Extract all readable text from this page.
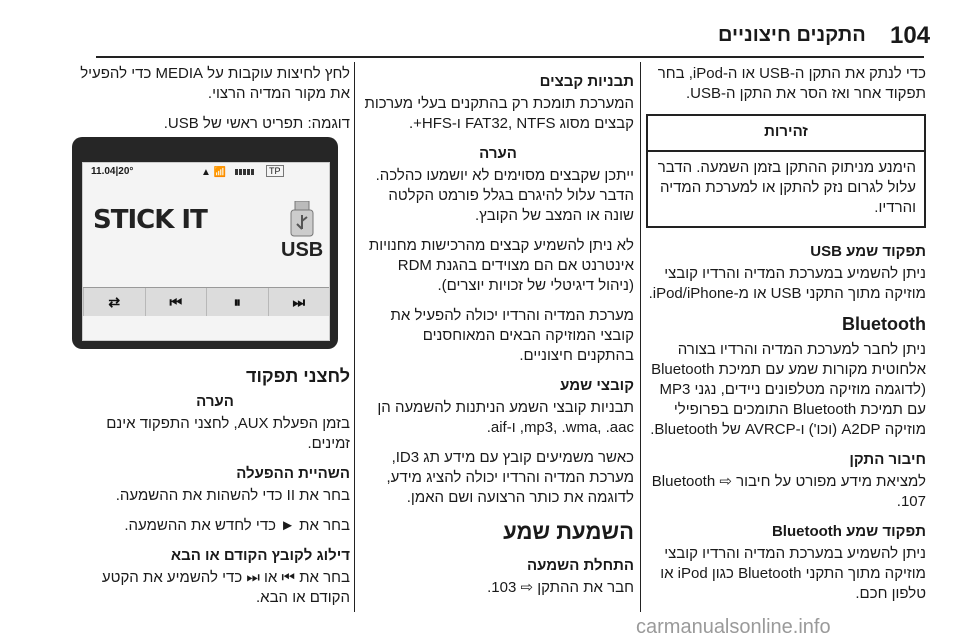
104
התקנים חיצוניים

כדי לנתק את התקן ה-USB או ה-iPod, בחר תפקוד אחר ואז הסר את התקן ה-USB.

זהירות
הימנע מניתוק ההתקן בזמן השמעה. הדבר עלול לגרום נזק להתקן או למערכת המדיה והרדיו.
תפקוד שמע USB

ניתן להשמיע במערכת המדיה והרדיו קובצי מוזיקה מתוך התקני USB או מ-iPod/iPhone.

Bluetooth

ניתן לחבר למערכת המדיה והרדיו בצורה אלחוטית מקורות שמע עם תמיכת Bluetooth (לדוגמה מוזיקה מטלפונים ניידים, נגני MP3 עם תמיכת Bluetooth התומכים בפרופילי מוזיקה A2DP (וכו') ו-AVRCP של Bluetooth.

חיבור התקן

למציאת מידע מפורט על חיבור Bluetooth ⇨ 107.

תפקוד שמע Bluetooth

ניתן להשמיע במערכת המדיה והרדיו קובצי מוזיקה מתוך התקני Bluetooth כגון iPod או טלפון חכם.

תבניות קבצים

המערכת תומכת רק בהתקנים בעלי מערכות קבצים מסוג FAT32, NTFS ו-HFS+.

הערה

ייתכן שקבצים מסוימים לא יושמעו כהלכה. הדבר עלול להיגרם בגלל פורמט הקלטה שונה או המצב של הקובץ.

לא ניתן להשמיע קבצים מהרכישות מחנויות אינטרנט אם הם מצוידים בהגנת RDM (ניהול דיגיטלי של זכויות יוצרים).

מערכת המדיה והרדיו יכולה להפעיל את קובצי המוזיקה הבאים המאוחסנים בהתקנים חיצוניים.

קובצי שמע

תבניות קובצי השמע הניתנות להשמעה הן mp3, .wma, .aac, ו-aif.

כאשר משמיעים קובץ עם מידע תג ID3, מערכת המדיה והרדיו יכולה להציג מידע, לדוגמה את כותר הרצועה ושם האמן.

השמעת שמע
התחלת השמעה

חבר את ההתקן ⇨ 103.

לחץ לחיצות עוקבות על MEDIA כדי להפעיל את מקור המדיה הרצוי.

דוגמה: תפריט ראשי של USB.

11.04|20°	▲ 📶	TP
STICK IT
USB
⇄	⏮	⏸	⏭
לחצני תפקוד
הערה

בזמן הפעלת AUX, לחצני התפקוד אינם זמינים.

השהיית ההפעלה

בחר את II כדי להשהות את ההשמעה.

בחר את ► כדי לחדש את ההשמעה.

דילוג לקובץ הקודם או הבא

בחר את ⏮ או ⏭ כדי להשמיע את הקטע הקודם או הבא.

carmanualsonline.info
